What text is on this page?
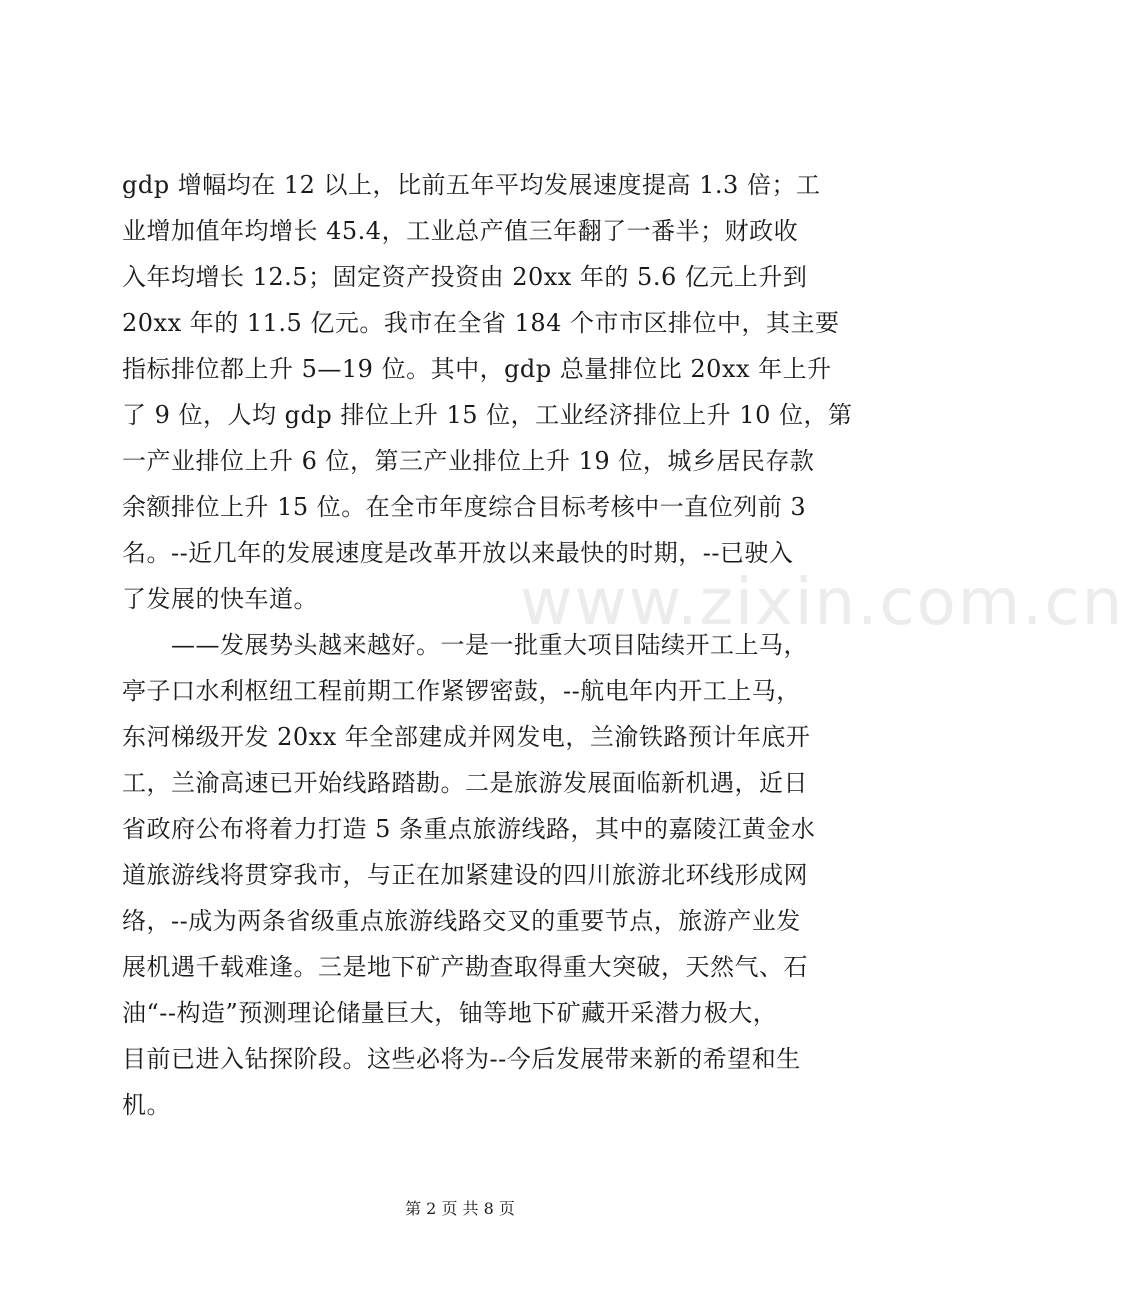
www.zixin.com.cn
gdp 增幅均在 12 以上，比前五年平均发展速度提高 1.3 倍；工
业增加值年均增长 45.4，工业总产值三年翻了一番半；财政收
入年均增长 12.5；固定资产投资由 20xx 年的 5.6 亿元上升到
20xx 年的 11.5 亿元。我市在全省 184 个市市区排位中，其主要
指标排位都上升 5—19 位。其中，gdp 总量排位比 20xx 年上升
了 9 位，人均 gdp 排位上升 15 位，工业经济排位上升 10 位，第
一产业排位上升 6 位，第三产业排位上升 19 位，城乡居民存款
余额排位上升 15 位。在全市年度综合目标考核中一直位列前 3
名。--近几年的发展速度是改革开放以来最快的时期，--已驶入
了发展的快车道。
　　——发展势头越来越好。一是一批重大项目陆续开工上马，
亭子口水利枢纽工程前期工作紧锣密鼓，--航电年内开工上马，
东河梯级开发 20xx 年全部建成并网发电，兰渝铁路预计年底开
工，兰渝高速已开始线路踏勘。二是旅游发展面临新机遇，近日
省政府公布将着力打造 5 条重点旅游线路，其中的嘉陵江黄金水
道旅游线将贯穿我市，与正在加紧建设的四川旅游北环线形成网
络，--成为两条省级重点旅游线路交叉的重要节点，旅游产业发
展机遇千载难逢。三是地下矿产勘查取得重大突破，天然气、石
油“--构造”预测理论储量巨大，铀等地下矿藏开采潜力极大，
目前已进入钻探阶段。这些必将为--今后发展带来新的希望和生
机。
第 2 页 共 8 页
